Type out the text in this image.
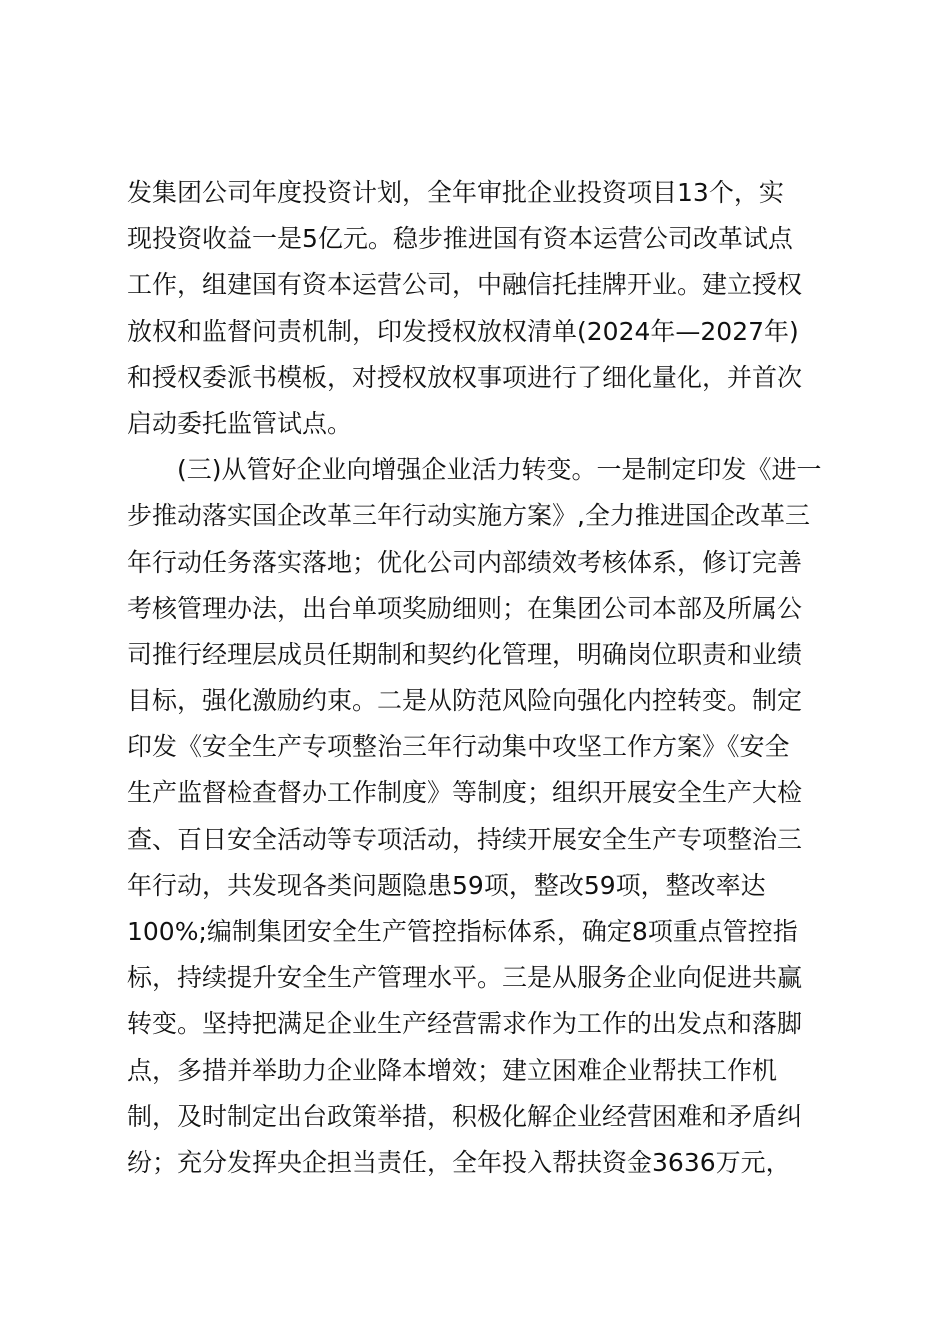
发集团公司年度投资计划，全年审批企业投资项目13个，实
现投资收益一是5亿元。稳步推进国有资本运营公司改革试点
工作，组建国有资本运营公司，中融信托挂牌开业。建立授权
放权和监督问责机制，印发授权放权清单(2024年—2027年)
和授权委派书模板，对授权放权事项进行了细化量化，并首次
启动委托监管试点。
(三)从管好企业向增强企业活力转变。一是制定印发《进一
步推动落实国企改革三年行动实施方案》,全力推进国企改革三
年行动任务落实落地；优化公司内部绩效考核体系，修订完善
考核管理办法，出台单项奖励细则；在集团公司本部及所属公
司推行经理层成员任期制和契约化管理，明确岗位职责和业绩
目标，强化激励约束。二是从防范风险向强化内控转变。制定
印发《安全生产专项整治三年行动集中攻坚工作方案》《安全
生产监督检查督办工作制度》等制度；组织开展安全生产大检
查、百日安全活动等专项活动，持续开展安全生产专项整治三
年行动，共发现各类问题隐患59项，整改59项，整改率达
100%;编制集团安全生产管控指标体系，确定8项重点管控指
标，持续提升安全生产管理水平。三是从服务企业向促进共赢
转变。坚持把满足企业生产经营需求作为工作的出发点和落脚
点，多措并举助力企业降本增效；建立困难企业帮扶工作机
制，及时制定出台政策举措，积极化解企业经营困难和矛盾纠
纷；充分发挥央企担当责任，全年投入帮扶资金3636万元，
